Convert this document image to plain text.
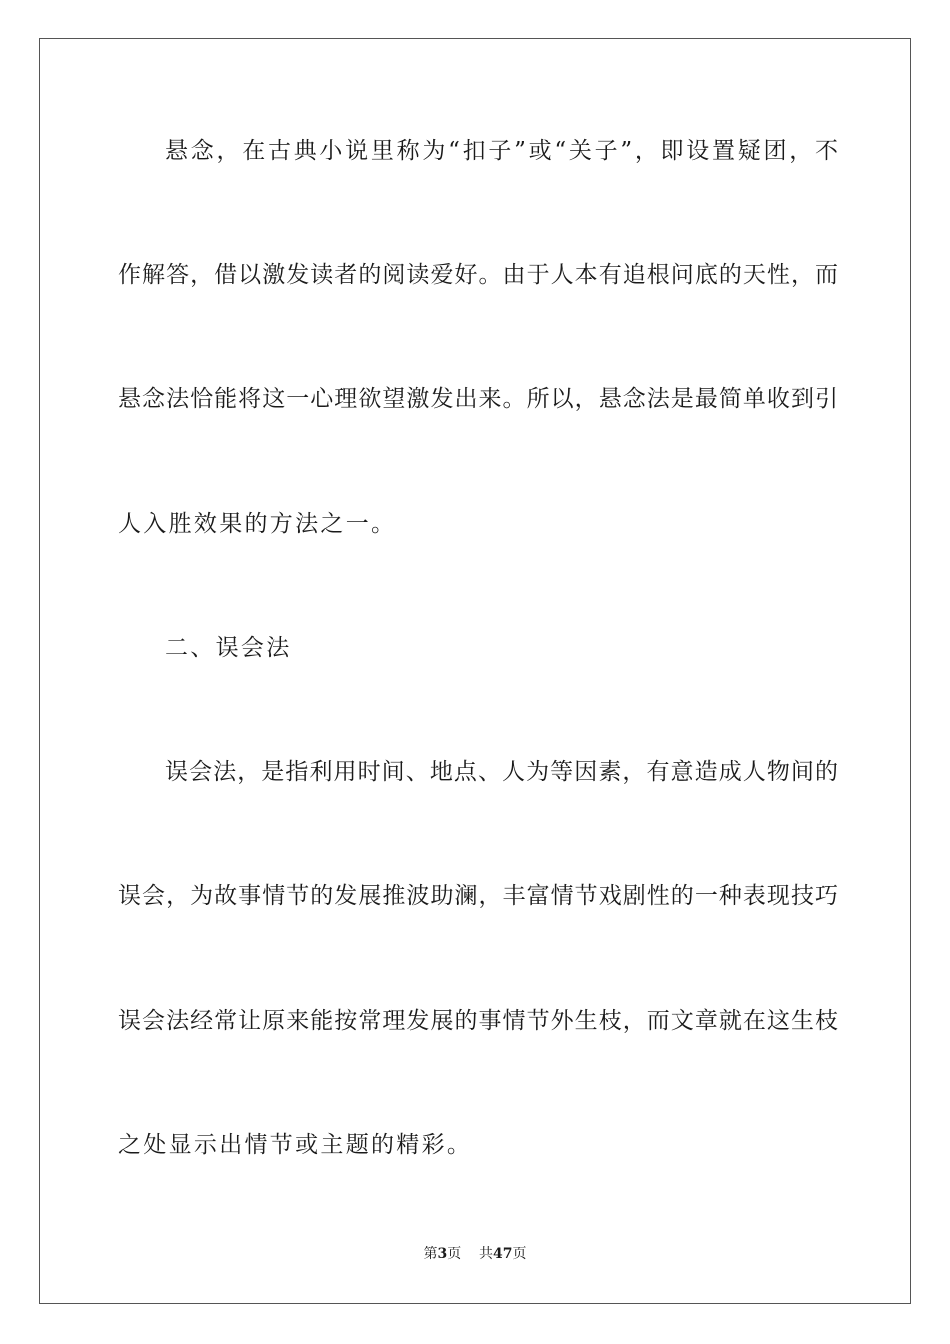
悬念，在古典小说里称为“扣子”或“关子”，即设置疑团，不
作解答，借以激发读者的阅读爱好。由于人本有追根问底的天性，而
悬念法恰能将这一心理欲望激发出来。所以，悬念法是最简单收到引
人入胜效果的方法之一。
二、误会法
误会法，是指利用时间、地点、人为等因素，有意造成人物间的
误会，为故事情节的发展推波助澜，丰富情节戏剧性的一种表现技巧
误会法经常让原来能按常理发展的事情节外生枝，而文章就在这生枝
之处显示出情节或主题的精彩。
第3页 共47页
